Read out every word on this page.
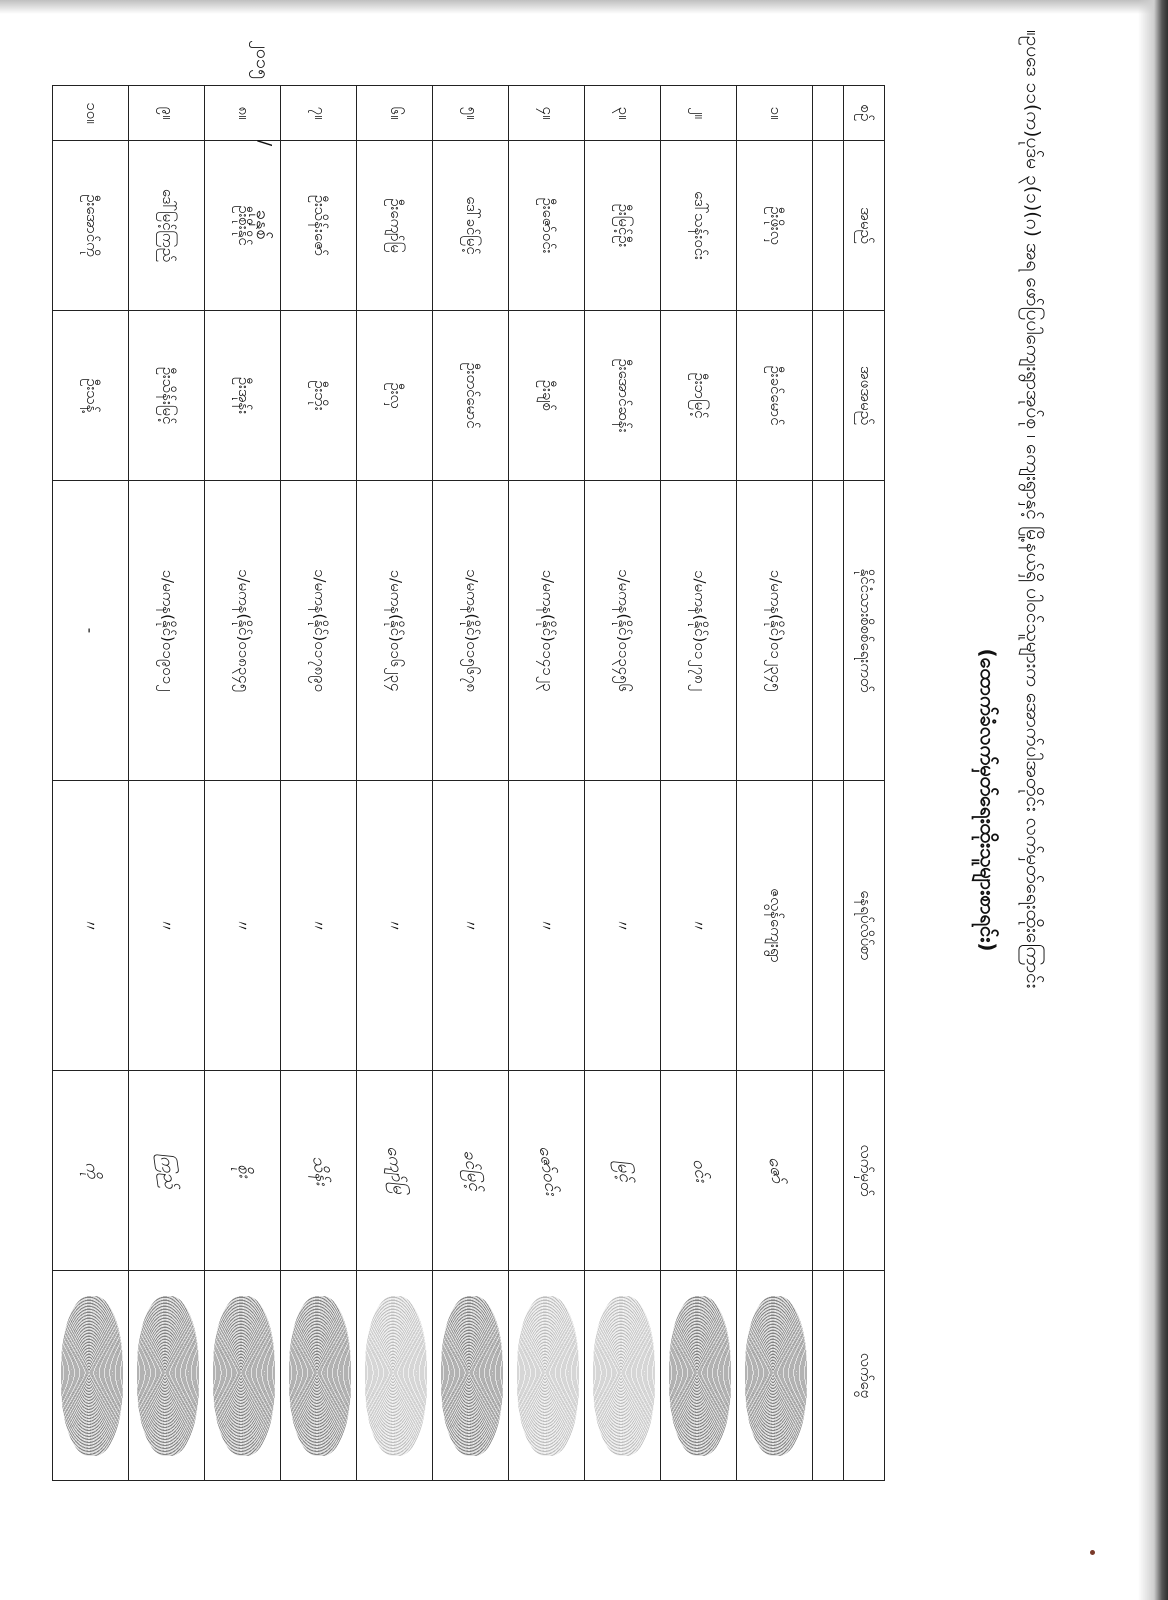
။ဥပဒေ ၁၁(က)ပုဒ်မ ၃(၁)(ဂ) အရ ဖော်ပြပါကျေးရွာအုပ်စု ၊ ကျေးရွာနှင့် မြို့နယ်ရှိ ပါဝင်သူများက အောက်ပါအတိုင်း လက်မှတ်ရေးထိုးကြောင်း
(ထောက်ခံလက်မှတ်ရေးထိုးသူများစာရင်း)
စဉ်	အမည်	အဖအမည်	နိုင်ငံသားစိစစ်ရေးကတ်	နေရပ်လိပ်စာ	လက်မှတ်	လက်ဗွေ

၁။	ဦးဖိုးလှ	ဦးခင်မောင်	၁/မကန(နိုင်)၀၁၂၃၄၅	ဇလွန်ကျေးရွာ	ဇော်	
၂။	ဒေါ်သန်းဝင်း	ဦးဘမြင့်	၁/မကန(နိုင်)၀၁၂၇၈၂	〃	ဝင်း	
၃။	ဦးမြင့်ဦး	ဦးအောင်ဆန်း	၁/မကန(နိုင်)၀၁၃၄၅၆	〃	မြင့်	
၄။	ဦးဇော်ဝင်း	ဦးချစ်	၁/မကန(နိုင်)၀၁၄၁၂၃	〃	ဇော်ဝင်း	
၅။	ဒေါ်ခင်မြင့်	ဦးတင်မောင်	၁/မကန(နိုင်)၀၁၅၆၇၈	〃	ခင်မြင့်	
၆။	ဦးကျော်မြ	ဦးလှ	၁/မကန(နိုင်)၀၁၆၂၃၄	〃	ကျော်မြ	
၇။	ဦးသိန်းဇော်	ဦးဘိုး	၁/မကန(နိုင်)၀၁၇၈၉၀	〃	သိန်း	
၈။	ဦးစိုးနိုင်	ဦးအုန်း	၁/မကန(နိုင်)၀၁၈၃၄၅	〃	စိုး	
၉။	ဒေါ်မြင့်ကြည်	ဦးသိန်းမြင့်	၁/မကန(နိုင်)၀၁၉၀၁၂	〃	ကြည်	
၁၀။	ဦးအောင်ကို	ဦးသန့်	-	〃	ကို	
၂၀၁၅
/
ခုနှစ်
